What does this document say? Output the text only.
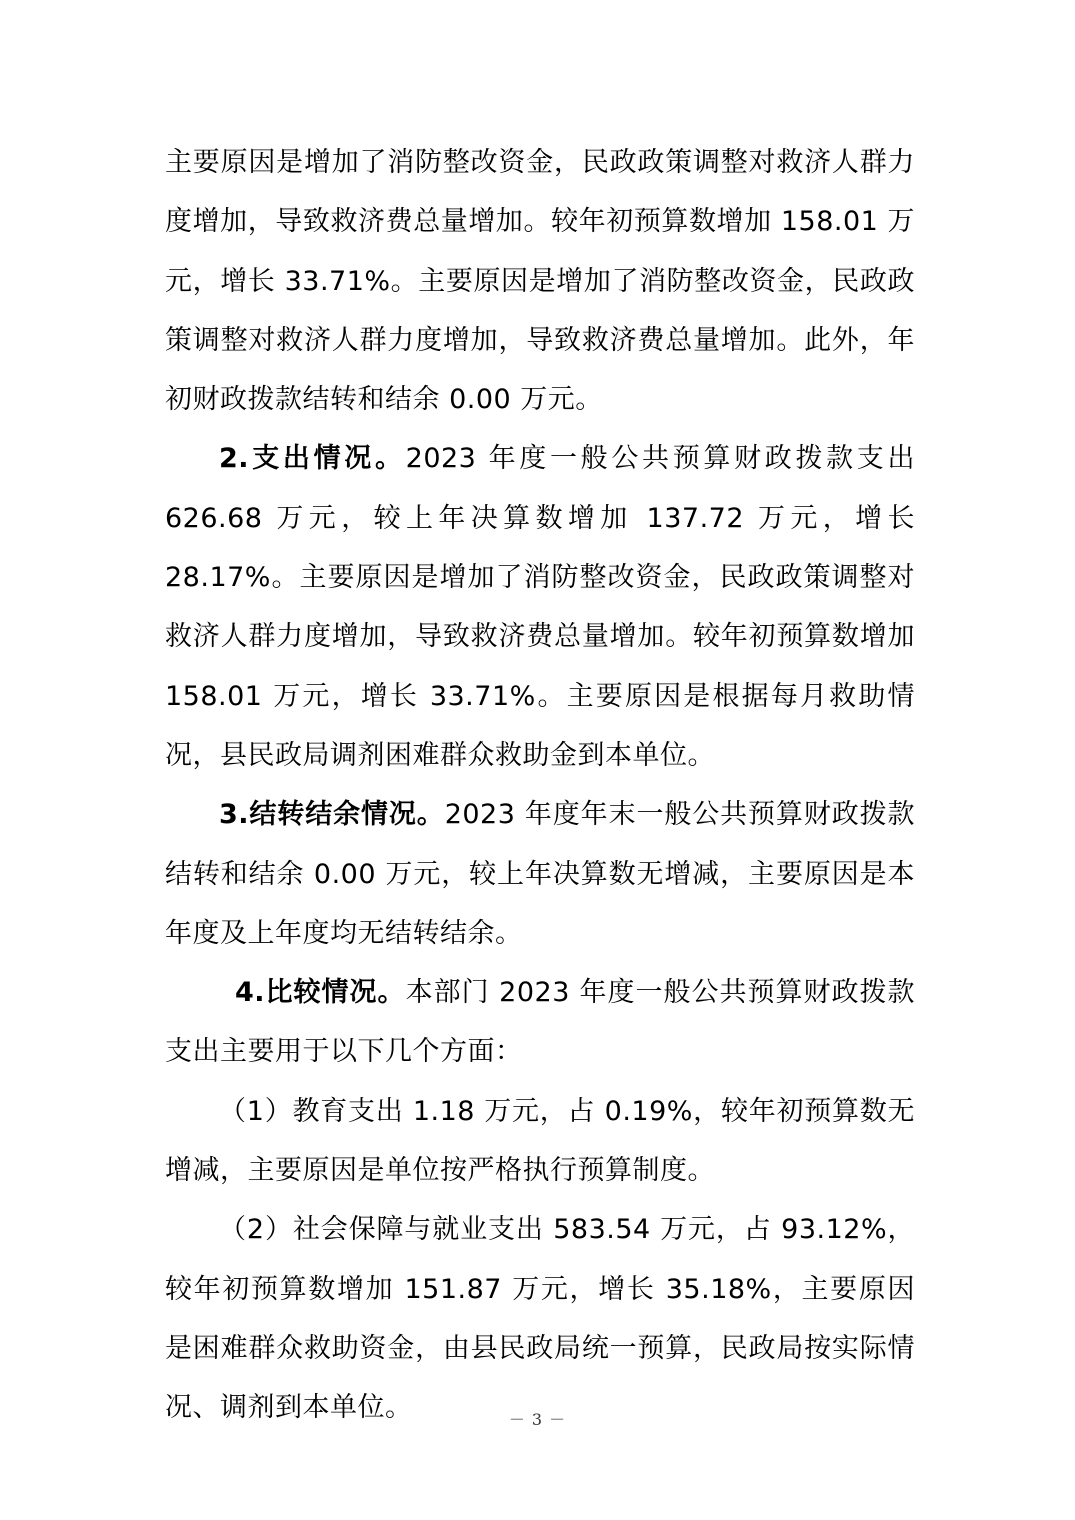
主要原因是增加了消防整改资金，民政政策调整对救济人群力度增加，导致救济费总量增加。较年初预算数增加 158.01 万元，增长 33.71%。主要原因是增加了消防整改资金，民政政策调整对救济人群力度增加，导致救济费总量增加。此外，年初财政拨款结转和结余 0.00 万元。

2.支出情况。2023 年度一般公共预算财政拨款支出 626.68 万元，较上年决算数增加 137.72 万元，增长 28.17%。主要原因是增加了消防整改资金，民政政策调整对救济人群力度增加，导致救济费总量增加。较年初预算数增加 158.01 万元，增长 33.71%。主要原因是根据每月救助情况，县民政局调剂困难群众救助金到本单位。

3.结转结余情况。2023 年度年末一般公共预算财政拨款结转和结余 0.00 万元，较上年决算数无增减，主要原因是本年度及上年度均无结转结余。

4.比较情况。本部门 2023 年度一般公共预算财政拨款支出主要用于以下几个方面：

（1）教育支出 1.18 万元，占 0.19%，较年初预算数无增减，主要原因是单位按严格执行预算制度。

（2）社会保障与就业支出 583.54 万元，占 93.12%，较年初预算数增加 151.87 万元，增长 35.18%，主要原因是困难群众救助资金，由县民政局统一预算，民政局按实际情况、调剂到本单位。	－ 3 －
